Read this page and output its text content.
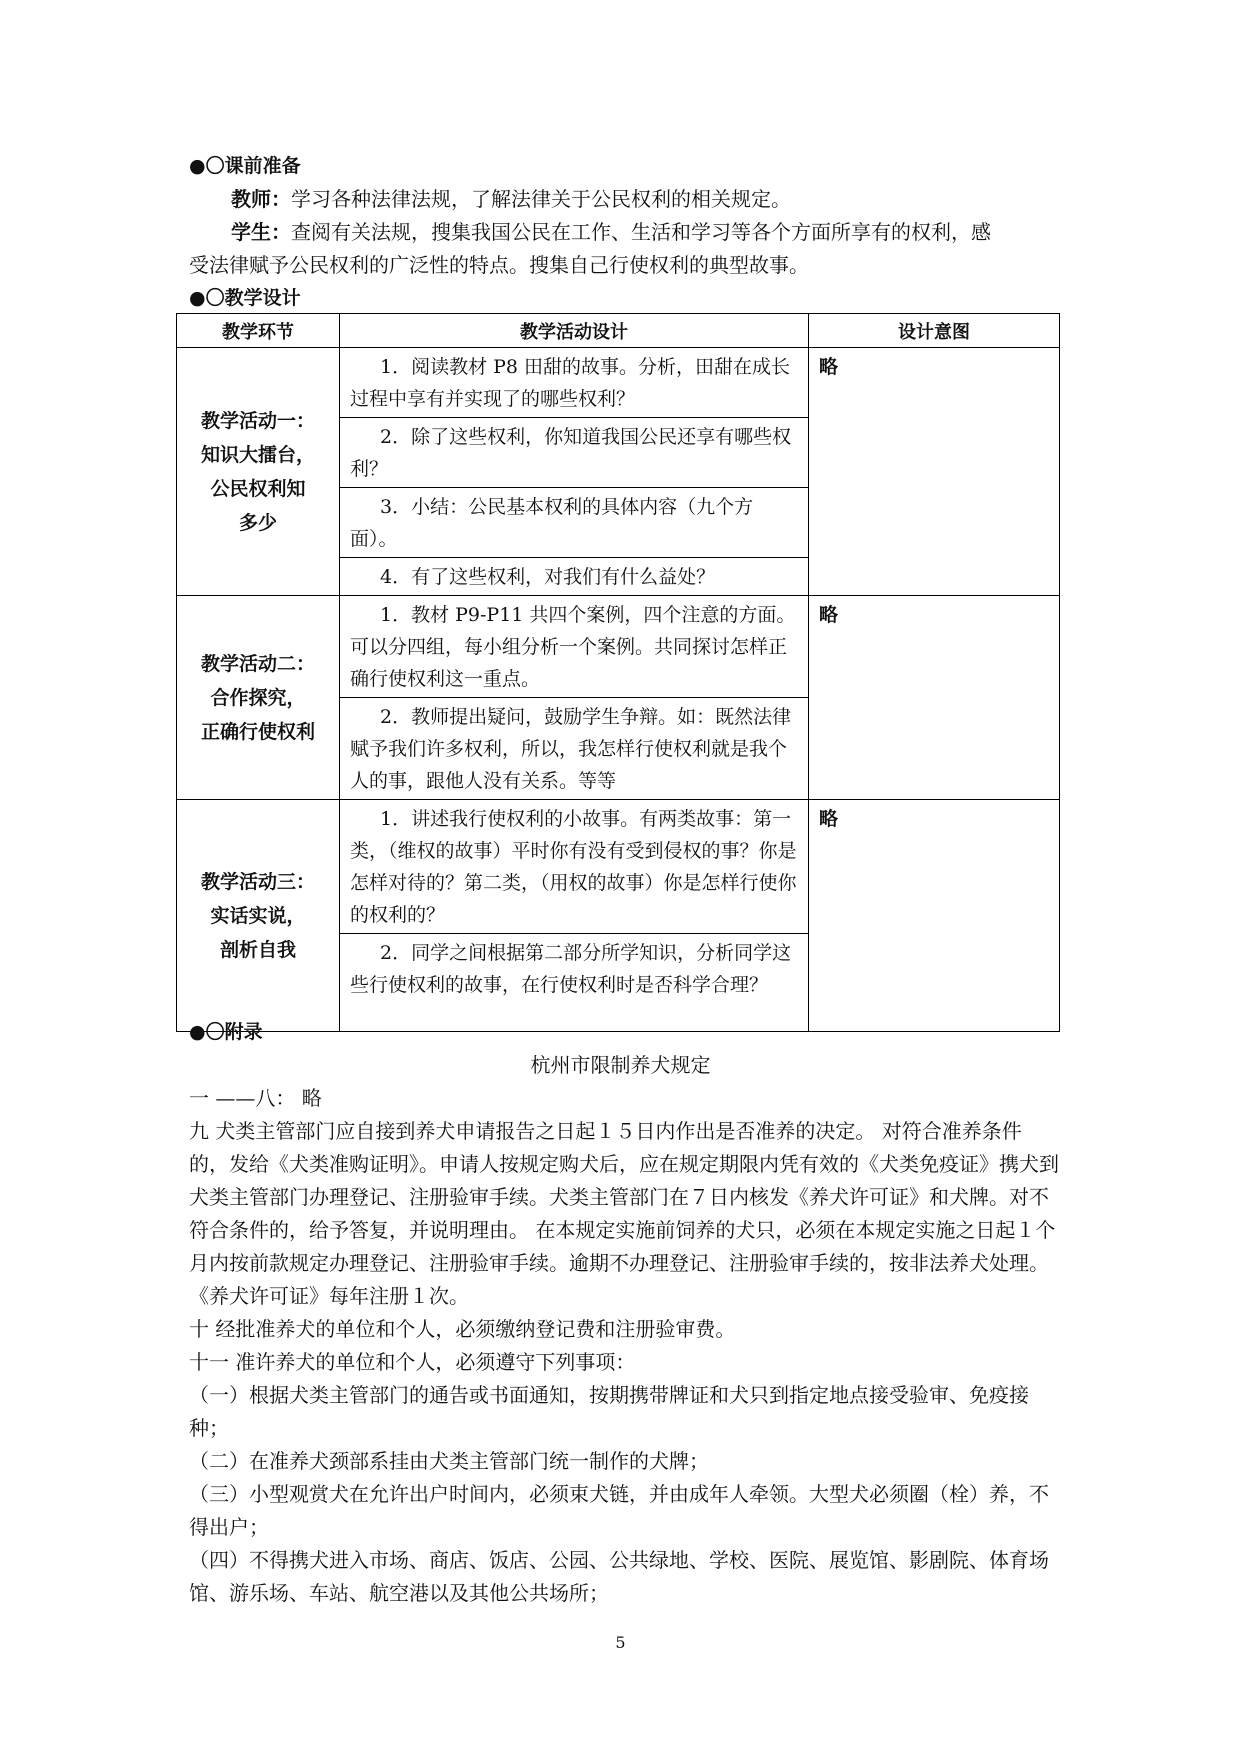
●〇课前准备
教师：学习各种法律法规，了解法律关于公民权利的相关规定。
学生：查阅有关法规，搜集我国公民在工作、生活和学习等各个方面所享有的权利，感
受法律赋予公民权利的广泛性的特点。搜集自己行使权利的典型故事。
●〇教学设计
教学环节	教学活动设计	设计意图

教学活动一：
知识大擂台，
公民权利知
多少	1．阅读教材 P8 田甜的故事。分析，田甜在成长过程中享有并实现了的哪些权利？	略
	2．除了这些权利，你知道我国公民还享有哪些权利？	
	3．小结：公民基本权利的具体内容（九个方面）。	
	4．有了这些权利，对我们有什么益处？	

教学活动二：
合作探究，
正确行使权利	1．教材 P9-P11 共四个案例，四个注意的方面。可以分四组，每小组分析一个案例。共同探讨怎样正确行使权利这一重点。	略
	2．教师提出疑问，鼓励学生争辩。如：既然法律赋予我们许多权利，所以，我怎样行使权利就是我个人的事，跟他人没有关系。等等	

教学活动三：
实话实说，
剖析自我	1．讲述我行使权利的小故事。有两类故事：第一类，（维权的故事）平时你有没有受到侵权的事？你是怎样对待的？第二类，（用权的故事）你是怎样行使你的权利的？	略
	2．同学之间根据第二部分所学知识，分析同学这些行使权利的故事，在行使权利时是否科学合理？	
●〇附录
杭州市限制养犬规定
一 ——八： 略
九 犬类主管部门应自接到养犬申请报告之日起１５日内作出是否准养的决定。 对符合准养条件的，发给《犬类准购证明》。申请人按规定购犬后，应在规定期限内凭有效的《犬类免疫证》携犬到犬类主管部门办理登记、注册验审手续。犬类主管部门在７日内核发《养犬许可证》和犬牌。对不符合条件的，给予答复，并说明理由。 在本规定实施前饲养的犬只，必须在本规定实施之日起１个月内按前款规定办理登记、注册验审手续。逾期不办理登记、注册验审手续的，按非法养犬处理。 《养犬许可证》每年注册１次。
十 经批准养犬的单位和个人，必须缴纳登记费和注册验审费。
十一 准许养犬的单位和个人，必须遵守下列事项：
（一）根据犬类主管部门的通告或书面通知，按期携带牌证和犬只到指定地点接受验审、免疫接种；
（二）在准养犬颈部系挂由犬类主管部门统一制作的犬牌；
（三）小型观赏犬在允许出户时间内，必须束犬链，并由成年人牵领。大型犬必须圈（栓）养，不得出户；
（四）不得携犬进入市场、商店、饭店、公园、公共绿地、学校、医院、展览馆、影剧院、体育场馆、游乐场、车站、航空港以及其他公共场所；
5
